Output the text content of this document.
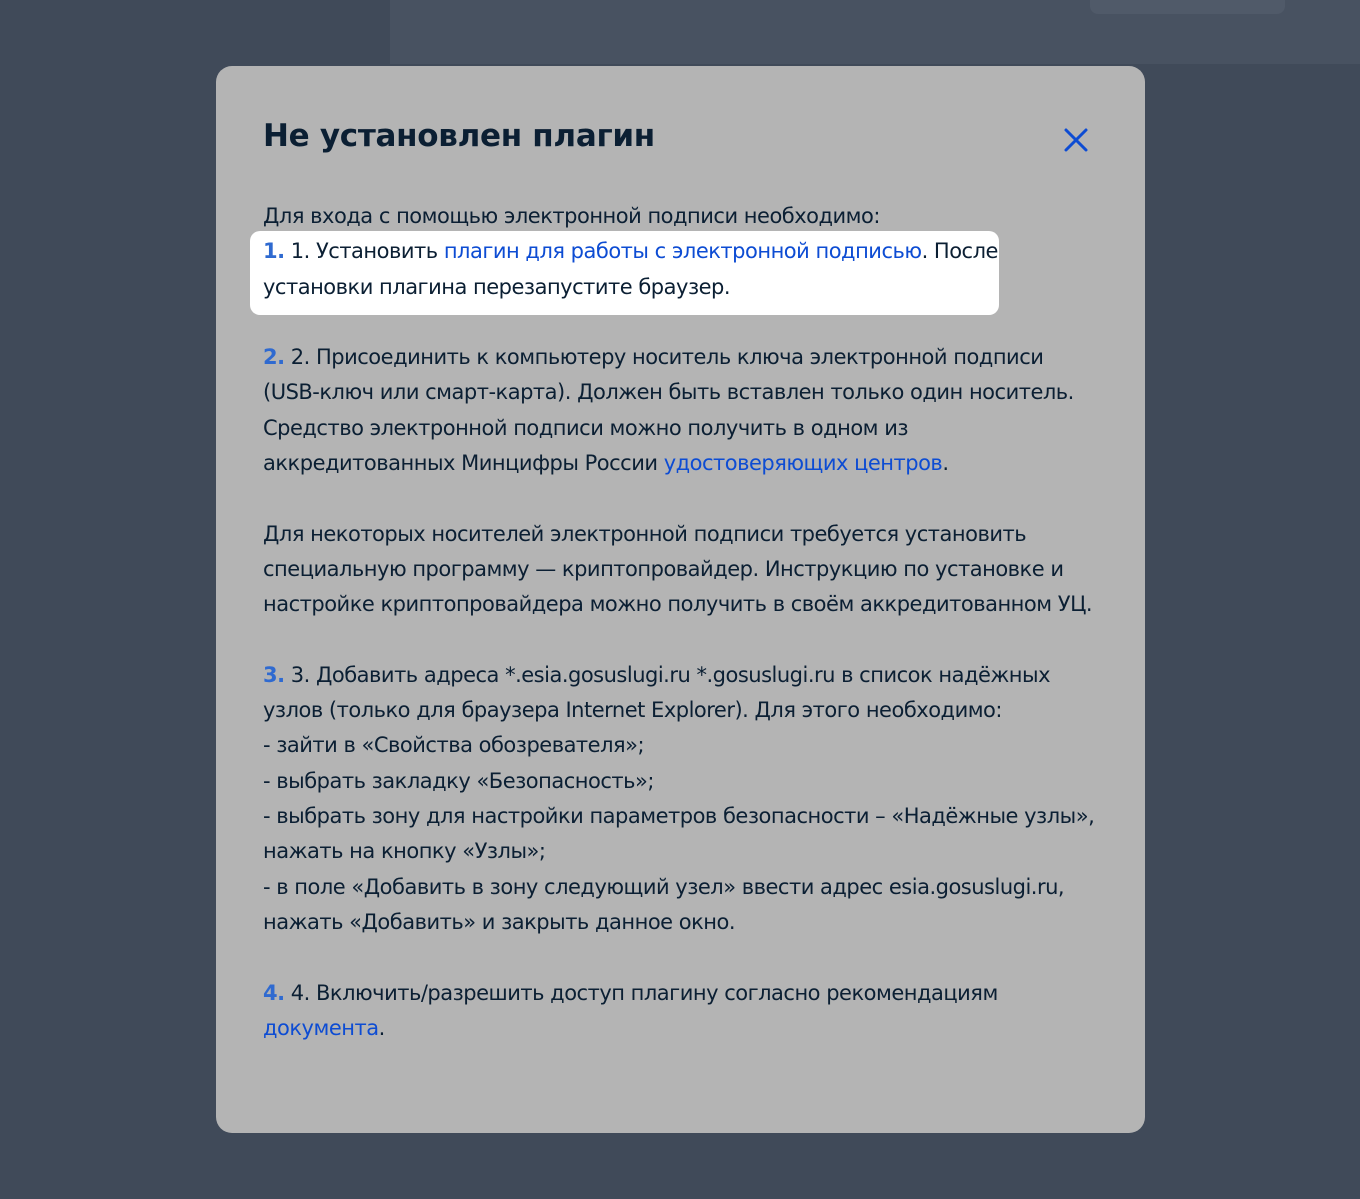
Не установлен плагин

Для входа с помощью электронной подписи необходимо:

1. 1. Установить плагин для работы с электронной подписью. После установки плагина перезапустите браузер.

2. 2. Присоединить к компьютеру носитель ключа электронной подписи (USB-ключ или смарт-карта). Должен быть вставлен только один носитель. Средство электронной подписи можно получить в одном из аккредитованных Минцифры России удостоверяющих центров.

Для некоторых носителей электронной подписи требуется установить специальную программу — криптопровайдер. Инструкцию по установке и настройке криптопровайдера можно получить в своём аккредитованном УЦ.

3. 3. Добавить адреса *.esia.gosuslugi.ru *.gosuslugi.ru в список надёжных узлов (только для браузера Internet Explorer). Для этого необходимо:

- зайти в «Свойства обозревателя»;

- выбрать закладку «Безопасность»;

- выбрать зону для настройки параметров безопасности – «Надёжные узлы», нажать на кнопку «Узлы»;

- в поле «Добавить в зону следующий узел» ввести адрес esia.gosuslugi.ru, нажать «Добавить» и закрыть данное окно.

4. 4. Включить/разрешить доступ плагину согласно рекомендациям документа.
